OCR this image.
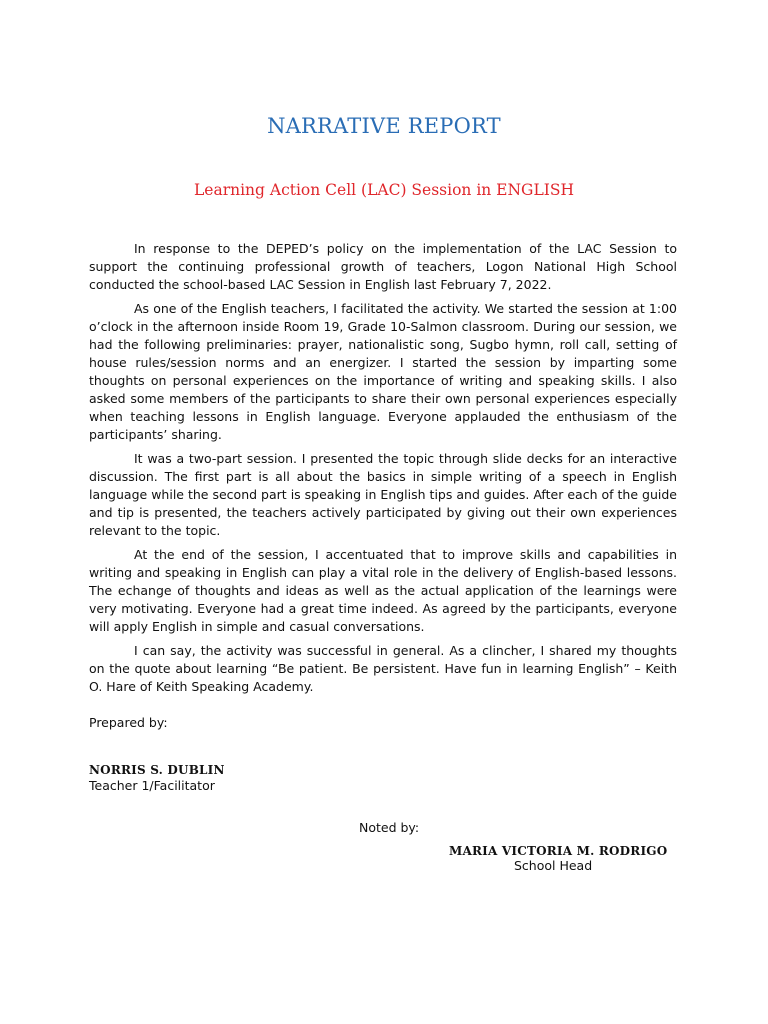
NARRATIVE REPORT
Learning Action Cell (LAC) Session in ENGLISH

In response to the DEPED’s policy on the implementation of the LAC Session to support the continuing professional growth of teachers, Logon National High School conducted the school-based LAC Session in English last February 7, 2022.

As one of the English teachers, I facilitated the activity. We started the session at 1:00 o’clock in the afternoon inside Room 19, Grade 10-Salmon classroom. During our session, we had the following preliminaries: prayer, nationalistic song, Sugbo hymn, roll call, setting of house rules/session norms and an energizer. I started the session by imparting some thoughts on personal experiences on the importance of writing and speaking skills. I also asked some members of the participants to share their own personal experiences especially when teaching lessons in English language. Everyone applauded the enthusiasm of the participants’ sharing.

It was a two-part session. I presented the topic through slide decks for an interactive discussion. The first part is all about the basics in simple writing of a speech in English language while the second part is speaking in English tips and guides. After each of the guide and tip is presented, the teachers actively participated by giving out their own experiences relevant to the topic.

At the end of the session, I accentuated that to improve skills and capabilities in writing and speaking in English can play a vital role in the delivery of English-based lessons. The echange of thoughts and ideas as well as the actual application of the learnings were very motivating. Everyone had a great time indeed. As agreed by the participants, everyone will apply English in simple and casual conversations.

I can say, the activity was successful in general. As a clincher, I shared my thoughts on the quote about learning “Be patient. Be persistent. Have fun in learning English” – Keith O. Hare of Keith Speaking Academy.

Prepared by:
NORRIS S. DUBLIN
Teacher 1/Facilitator
Noted by:
MARIA VICTORIA M. RODRIGO
School Head
